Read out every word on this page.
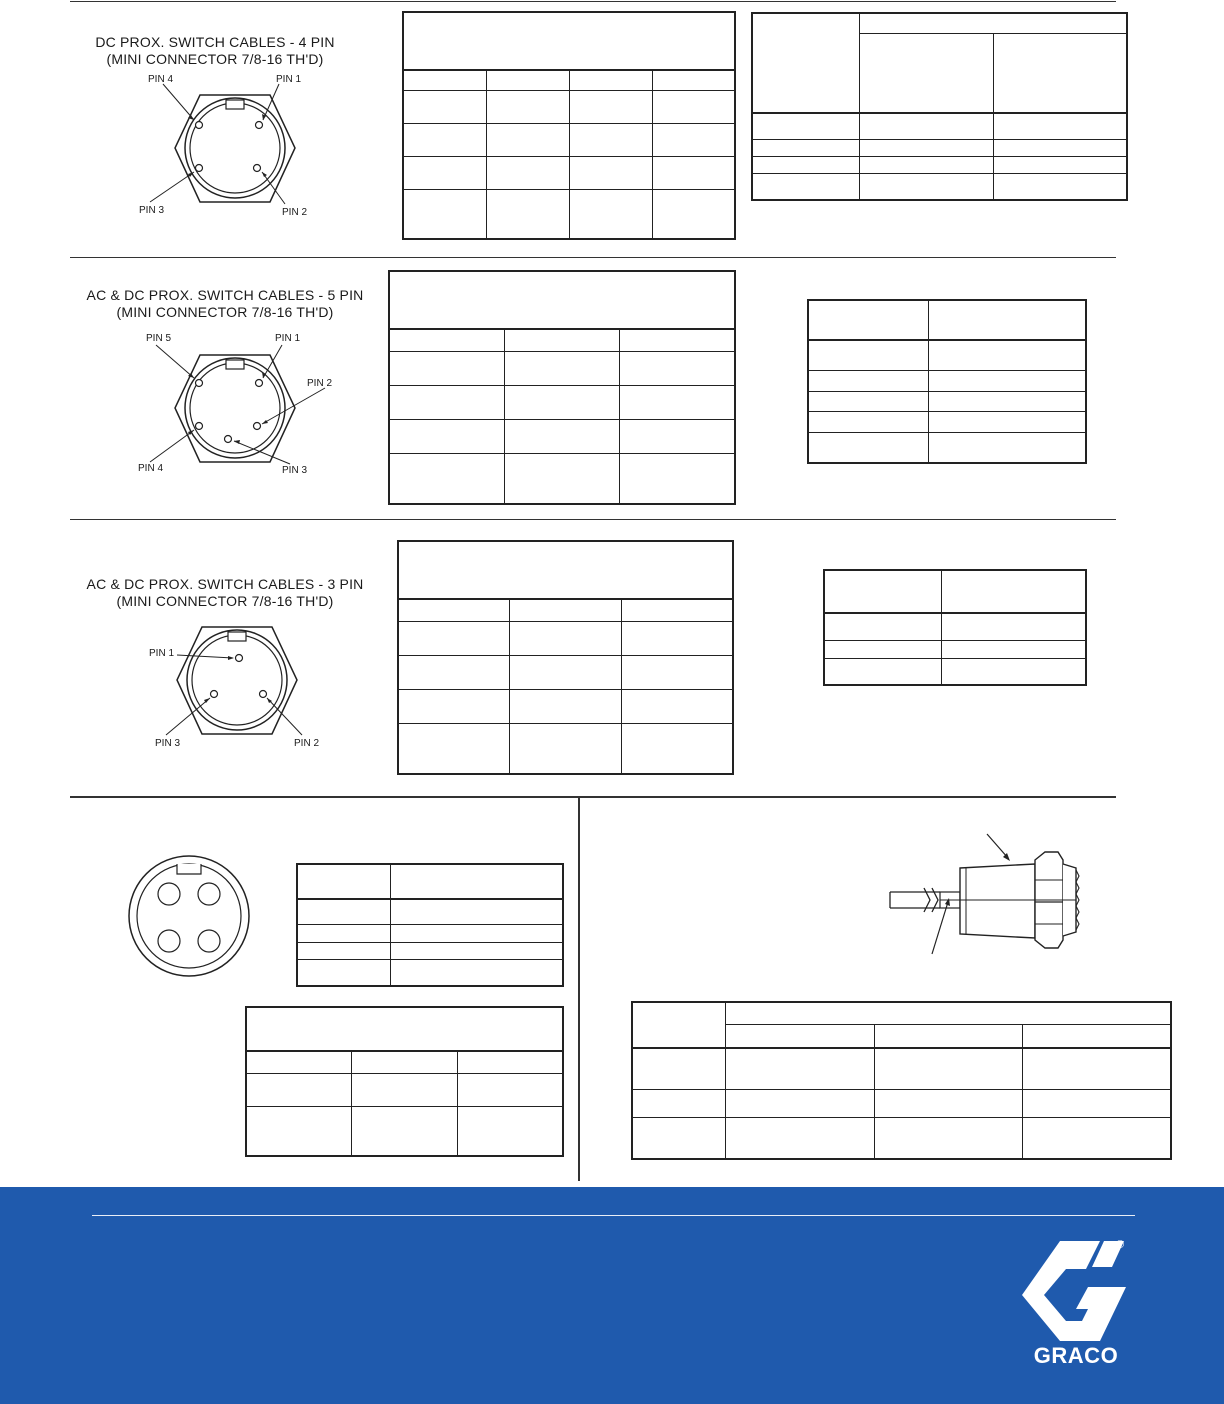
DC PROX. SWITCH CABLES - 4 PIN
(MINI CONNECTOR 7/8-16 TH'D)
PIN 4	PIN 1
PIN 3	PIN 2

AC & DC PROX. SWITCH CABLES - 5 PIN
(MINI CONNECTOR 7/8-16 TH'D)
PIN 5	PIN 1
PIN 2
PIN 4	PIN 3

AC & DC PROX. SWITCH CABLES - 3 PIN
(MINI CONNECTOR 7/8-16 TH'D)
PIN 1
PIN 3	PIN 2

®
GRACO
